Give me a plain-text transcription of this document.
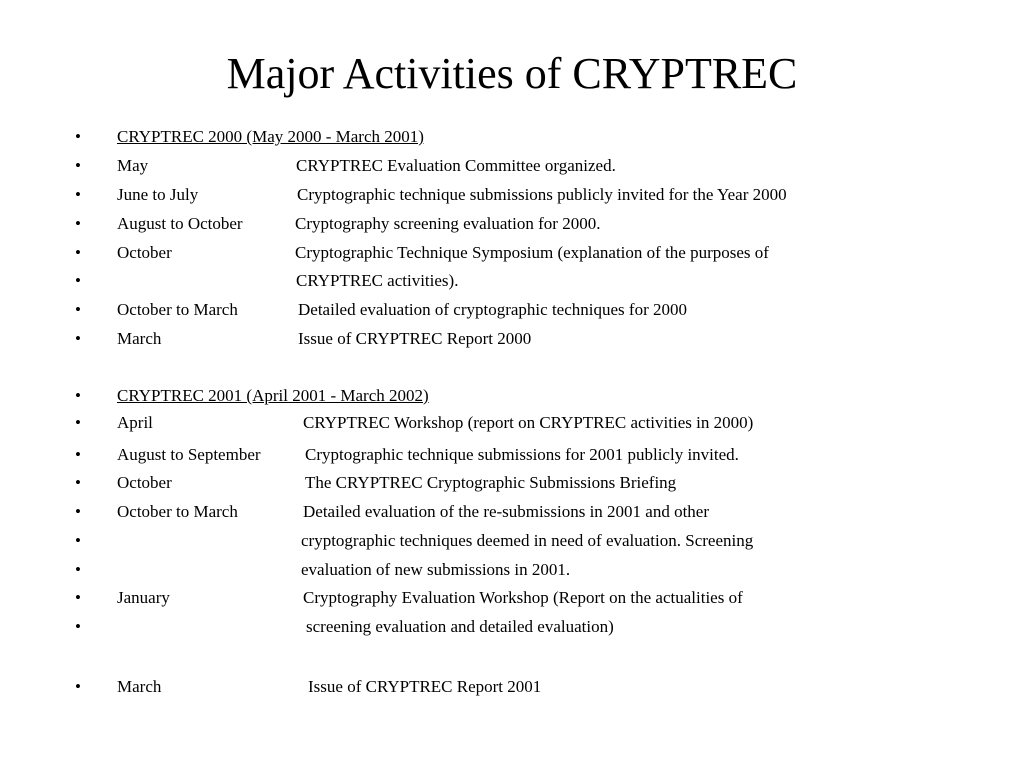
Major Activities of CRYPTREC
• CRYPTREC 2000 (May 2000 - March 2001)
• May	CRYPTREC Evaluation Committee organized.
• June to July	Cryptographic technique submissions publicly invited for the Year 2000
• August to October	Cryptography screening evaluation for 2000.
• October	Cryptographic Technique Symposium (explanation of the purposes of
•	CRYPTREC activities).
• October to March	Detailed evaluation of cryptographic techniques for 2000
• March	Issue of CRYPTREC Report 2000
• CRYPTREC 2001 (April 2001 - March 2002)
• April	CRYPTREC Workshop (report on CRYPTREC activities in 2000)
• August to September	Cryptographic technique submissions for 2001 publicly invited.
• October	The CRYPTREC Cryptographic Submissions Briefing
• October to March	Detailed evaluation of the re-submissions in 2001 and other
•	cryptographic techniques deemed in need of evaluation. Screening
•	evaluation of new submissions in 2001.
• January	Cryptography Evaluation Workshop (Report on the actualities of
•	screening evaluation and detailed evaluation)
• March	Issue of CRYPTREC Report 2001
